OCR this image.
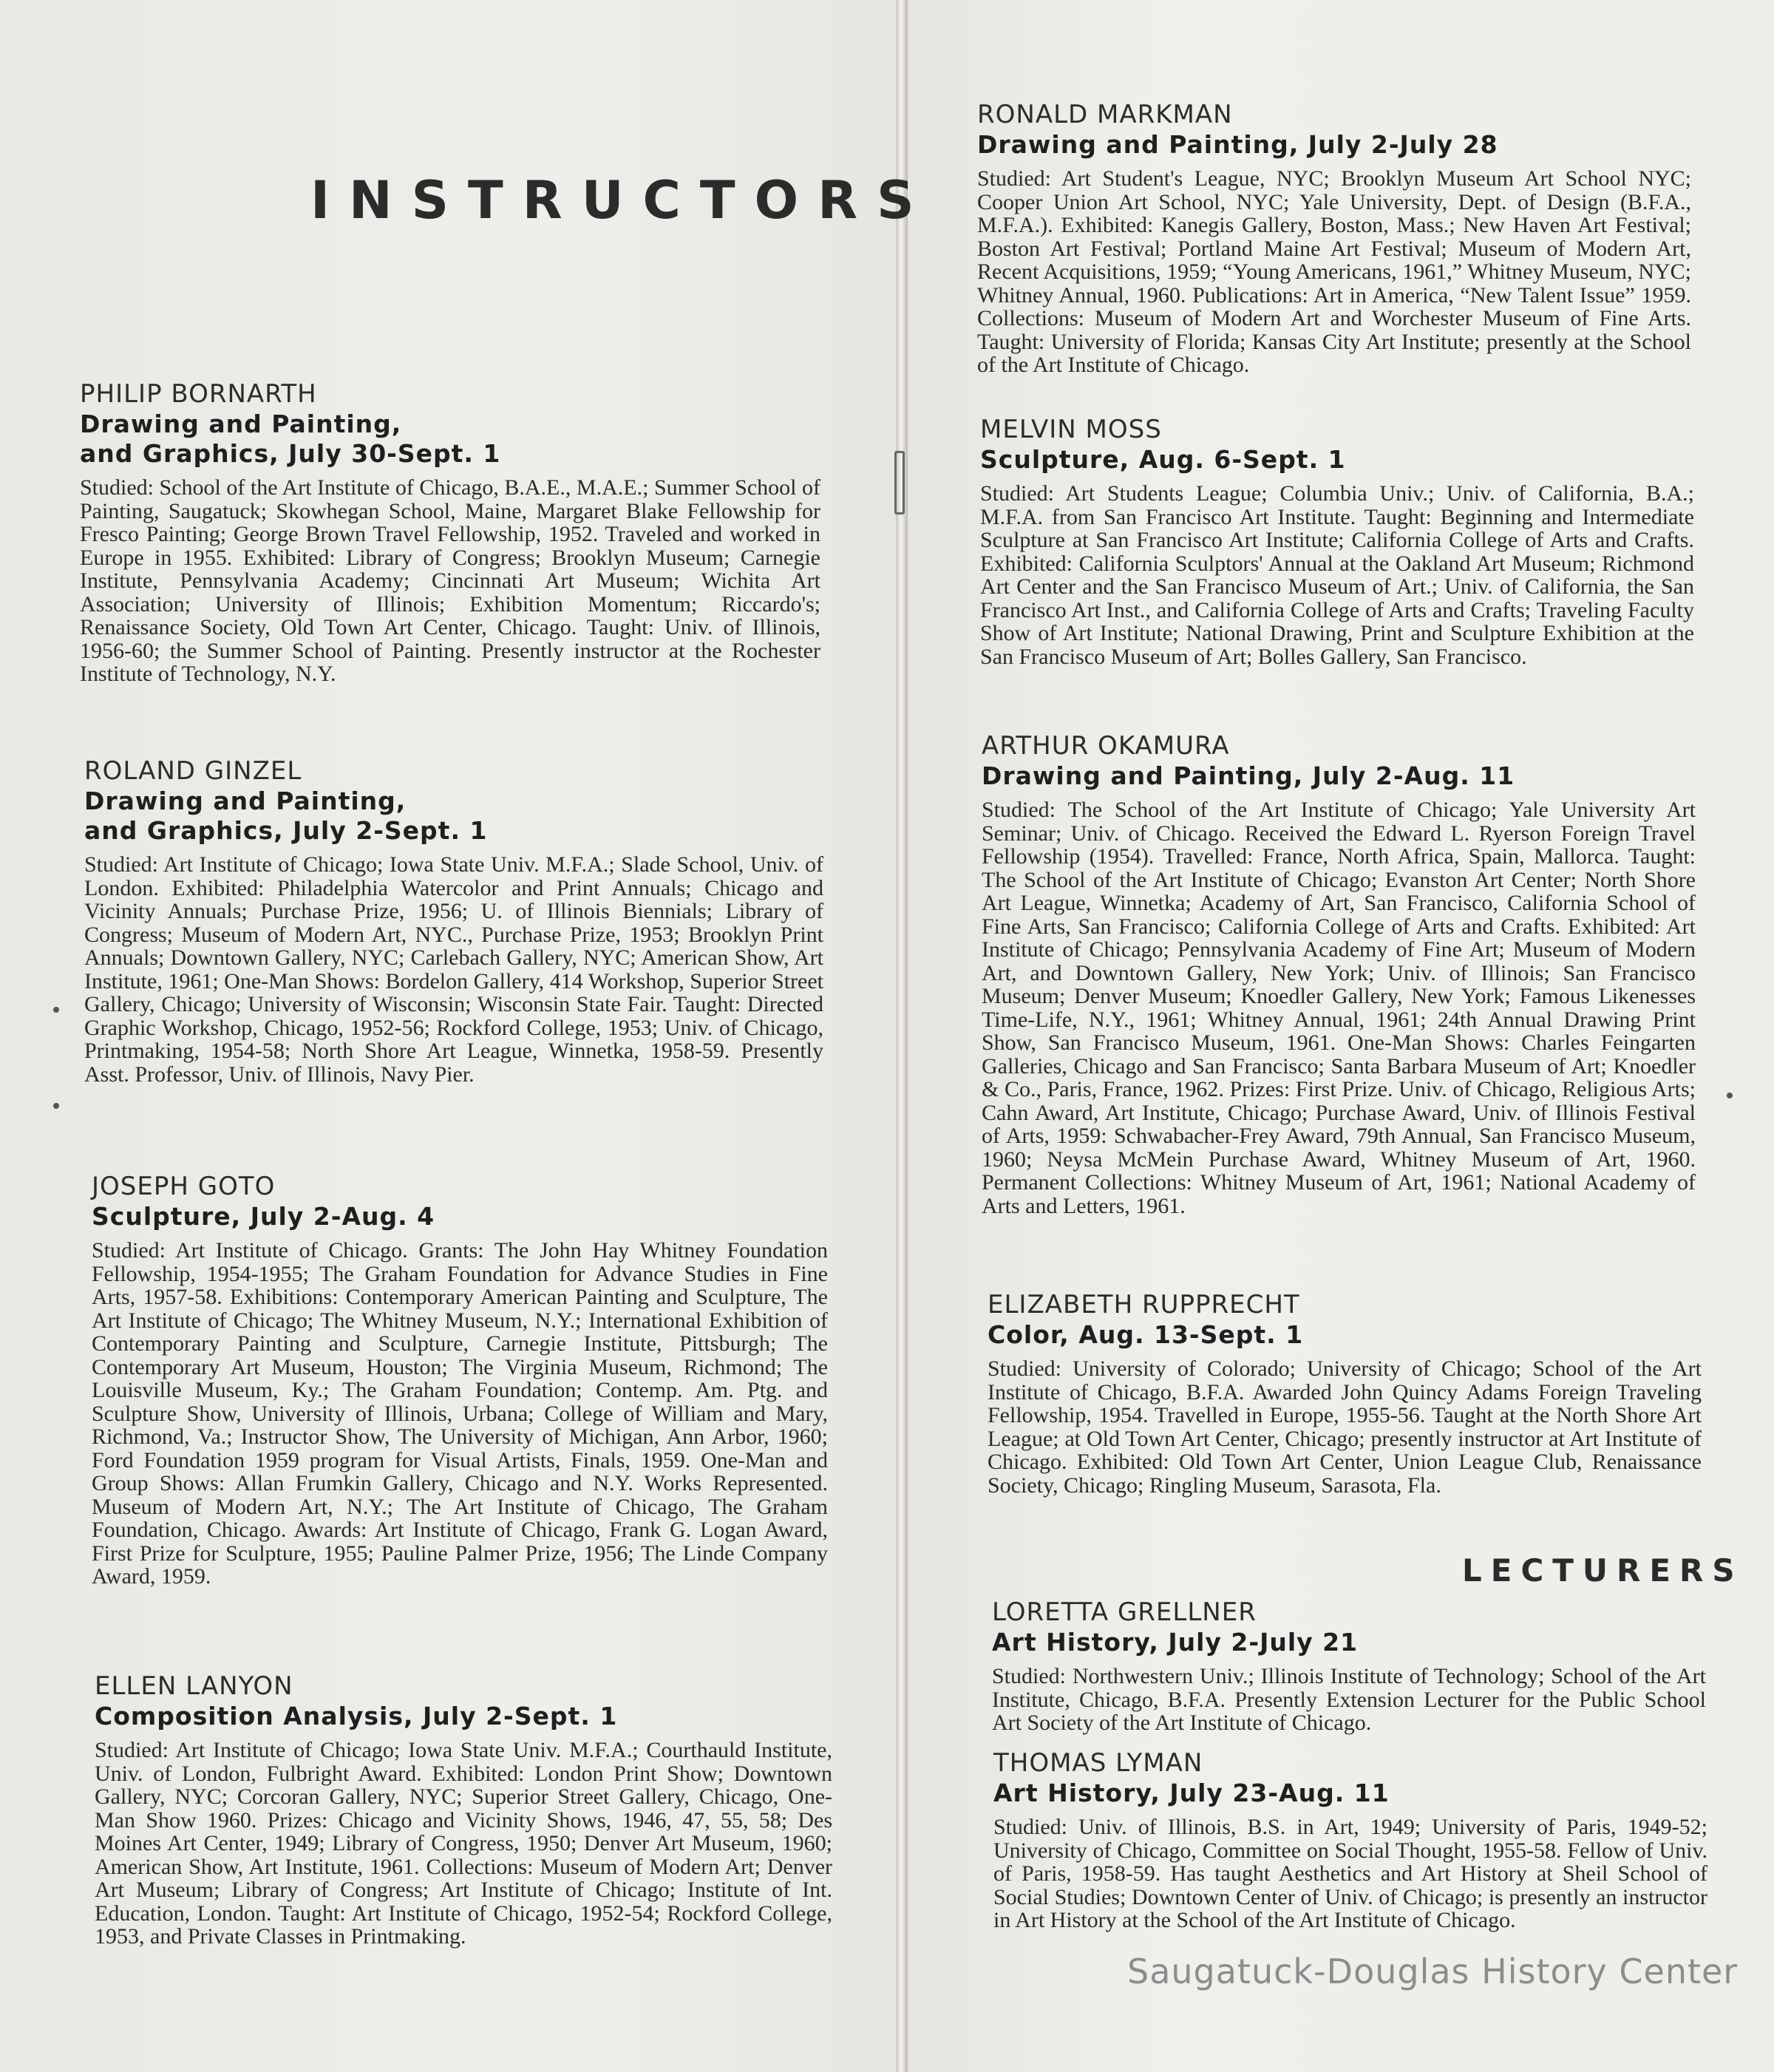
INSTRUCTORS

PHILIP BORNARTH

Drawing and Painting,

and Graphics, July 30-Sept. 1

Studied: School of the Art Institute of Chicago, B.A.E., M.A.E.; Summer School of Painting, Saugatuck; Skowhegan School, Maine, Margaret Blake Fellowship for Fresco Painting; George Brown Travel Fellowship, 1952. Traveled and worked in Europe in 1955. Exhibited: Library of Congress; Brooklyn Museum; Carnegie Institute, Pennsylvania Academy; Cincinnati Art Museum; Wichita Art Association; University of Illinois; Exhibition Momentum; Riccardo's; Renaissance Society, Old Town Art Center, Chicago. Taught: Univ. of Illinois, 1956-60; the Summer School of Painting. Presently instructor at the Rochester Institute of Technology, N.Y.

ROLAND GINZEL

Drawing and Painting,

and Graphics, July 2-Sept. 1

Studied: Art Institute of Chicago; Iowa State Univ. M.F.A.; Slade School, Univ. of London. Exhibited: Philadelphia Watercolor and Print Annuals; Chicago and Vicinity Annuals; Purchase Prize, 1956; U. of Illinois Biennials; Library of Congress; Museum of Modern Art, NYC., Purchase Prize, 1953; Brooklyn Print Annuals; Downtown Gallery, NYC; Carlebach Gallery, NYC; American Show, Art Institute, 1961; One-Man Shows: Bordelon Gallery, 414 Workshop, Superior Street Gallery, Chicago; University of Wisconsin; Wisconsin State Fair. Taught: Directed Graphic Workshop, Chicago, 1952-56; Rockford College, 1953; Univ. of Chicago, Printmaking, 1954-58; North Shore Art League, Winnetka, 1958-59. Presently Asst. Professor, Univ. of Illinois, Navy Pier.

JOSEPH GOTO

Sculpture, July 2-Aug. 4

Studied: Art Institute of Chicago. Grants: The John Hay Whitney Foundation Fellowship, 1954-1955; The Graham Foundation for Advance Studies in Fine Arts, 1957-58. Exhibitions: Contemporary American Painting and Sculpture, The Art Institute of Chicago; The Whitney Museum, N.Y.; International Exhibition of Contemporary Painting and Sculpture, Carnegie Institute, Pittsburgh; The Contemporary Art Museum, Houston; The Virginia Museum, Richmond; The Louisville Museum, Ky.; The Graham Foundation; Contemp. Am. Ptg. and Sculpture Show, University of Illinois, Urbana; College of William and Mary, Richmond, Va.; Instructor Show, The University of Michigan, Ann Arbor, 1960; Ford Foundation 1959 program for Visual Artists, Finals, 1959. One-Man and Group Shows: Allan Frumkin Gallery, Chicago and N.Y. Works Represented. Museum of Modern Art, N.Y.; The Art Institute of Chicago, The Graham Foundation, Chicago. Awards: Art Institute of Chicago, Frank G. Logan Award, First Prize for Sculpture, 1955; Pauline Palmer Prize, 1956; The Linde Company Award, 1959.

ELLEN LANYON

Composition Analysis, July 2-Sept. 1

Studied: Art Institute of Chicago; Iowa State Univ. M.F.A.; Courthauld Institute, Univ. of London, Fulbright Award. Exhibited: London Print Show; Downtown Gallery, NYC; Corcoran Gallery, NYC; Superior Street Gallery, Chicago, One-Man Show 1960. Prizes: Chicago and Vicinity Shows, 1946, 47, 55, 58; Des Moines Art Center, 1949; Library of Congress, 1950; Denver Art Museum, 1960; American Show, Art Institute, 1961. Collections: Museum of Modern Art; Denver Art Museum; Library of Congress; Art Institute of Chicago; Institute of Int. Education, London. Taught: Art Institute of Chicago, 1952-54; Rockford College, 1953, and Private Classes in Printmaking.

RONALD MARKMAN

Drawing and Painting, July 2-July 28

Studied: Art Student's League, NYC; Brooklyn Museum Art School NYC; Cooper Union Art School, NYC; Yale University, Dept. of Design (B.F.A., M.F.A.). Exhibited: Kanegis Gallery, Boston, Mass.; New Haven Art Festival; Boston Art Festival; Portland Maine Art Festival; Museum of Modern Art, Recent Acquisitions, 1959; “Young Americans, 1961,” Whitney Museum, NYC; Whitney Annual, 1960. Publications: Art in America, “New Talent Issue” 1959. Collections: Museum of Modern Art and Worchester Museum of Fine Arts. Taught: University of Florida; Kansas City Art Institute; presently at the School of the Art Institute of Chicago.

MELVIN MOSS

Sculpture, Aug. 6-Sept. 1

Studied: Art Students League; Columbia Univ.; Univ. of California, B.A.; M.F.A. from San Francisco Art Institute. Taught: Beginning and Intermediate Sculpture at San Francisco Art Institute; California College of Arts and Crafts. Exhibited: California Sculptors' Annual at the Oakland Art Museum; Richmond Art Center and the San Francisco Museum of Art.; Univ. of California, the San Francisco Art Inst., and California College of Arts and Crafts; Traveling Faculty Show of Art Institute; National Drawing, Print and Sculpture Exhibition at the San Francisco Museum of Art; Bolles Gallery, San Francisco.

ARTHUR OKAMURA

Drawing and Painting, July 2-Aug. 11

Studied: The School of the Art Institute of Chicago; Yale University Art Seminar; Univ. of Chicago. Received the Edward L. Ryerson Foreign Travel Fellowship (1954). Travelled: France, North Africa, Spain, Mallorca. Taught: The School of the Art Institute of Chicago; Evanston Art Center; North Shore Art League, Winnetka; Academy of Art, San Francisco, California School of Fine Arts, San Francisco; California College of Arts and Crafts. Exhibited: Art Institute of Chicago; Pennsylvania Academy of Fine Art; Museum of Modern Art, and Downtown Gallery, New York; Univ. of Illinois; San Francisco Museum; Denver Museum; Knoedler Gallery, New York; Famous Likenesses Time-Life, N.Y., 1961; Whitney Annual, 1961; 24th Annual Drawing Print Show, San Francisco Museum, 1961. One-Man Shows: Charles Feingarten Galleries, Chicago and San Francisco; Santa Barbara Museum of Art; Knoedler & Co., Paris, France, 1962. Prizes: First Prize. Univ. of Chicago, Religious Arts; Cahn Award, Art Institute, Chicago; Purchase Award, Univ. of Illinois Festival of Arts, 1959: Schwabacher-Frey Award, 79th Annual, San Francisco Museum, 1960; Neysa McMein Purchase Award, Whitney Museum of Art, 1960. Permanent Collections: Whitney Museum of Art, 1961; National Academy of Arts and Letters, 1961.

ELIZABETH RUPPRECHT

Color, Aug. 13-Sept. 1

Studied: University of Colorado; University of Chicago; School of the Art Institute of Chicago, B.F.A. Awarded John Quincy Adams Foreign Traveling Fellowship, 1954. Travelled in Europe, 1955-56. Taught at the North Shore Art League; at Old Town Art Center, Chicago; presently instructor at Art Institute of Chicago. Exhibited: Old Town Art Center, Union League Club, Renaissance Society, Chicago; Ringling Museum, Sarasota, Fla.

LECTURERS

LORETTA GRELLNER

Art History, July 2-July 21

Studied: Northwestern Univ.; Illinois Institute of Technology; School of the Art Institute, Chicago, B.F.A. Presently Extension Lecturer for the Public School Art Society of the Art Institute of Chicago.

THOMAS LYMAN

Art History, July 23-Aug. 11

Studied: Univ. of Illinois, B.S. in Art, 1949; University of Paris, 1949-52; University of Chicago, Committee on Social Thought, 1955-58. Fellow of Univ. of Paris, 1958-59. Has taught Aesthetics and Art History at Sheil School of Social Studies; Downtown Center of Univ. of Chicago; is presently an instructor in Art History at the School of the Art Institute of Chicago.

Saugatuck-Douglas History Center
